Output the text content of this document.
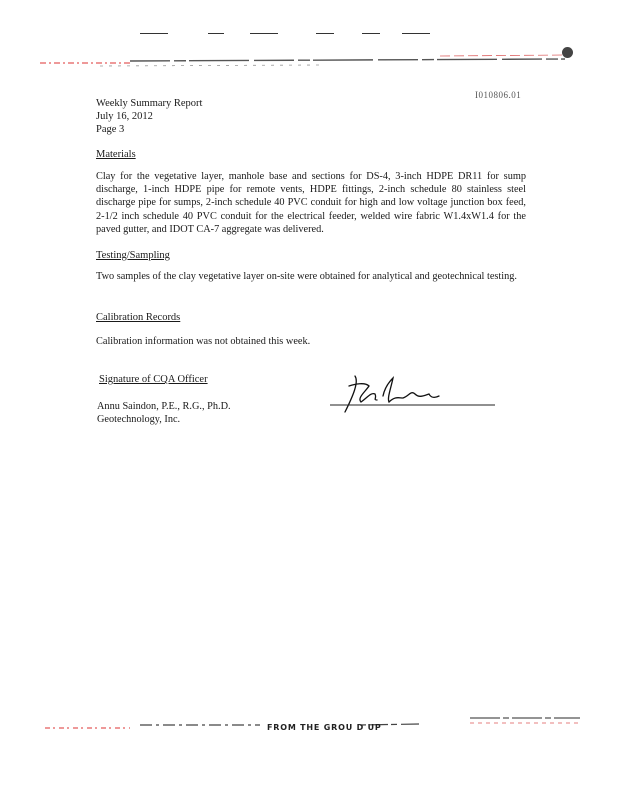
I010806.01
Weekly Summary Report
July 16, 2012
Page 3
Materials
Clay for the vegetative layer, manhole base and sections for DS-4, 3-inch HDPE DR11 for sump discharge, 1-inch HDPE pipe for remote vents, HDPE fittings, 2-inch schedule 80 stainless steel discharge pipe for sumps, 2-inch schedule 40 PVC conduit for high and low voltage junction box feed, 2-1/2 inch schedule 40 PVC conduit for the electrical feeder, welded wire fabric W1.4xW1.4 for the paved gutter, and IDOT CA-7 aggregate was delivered.
Testing/Sampling
Two samples of the clay vegetative layer on-site were obtained for analytical and geotechnical testing.
Calibration Records
Calibration information was not obtained this week.
Signature of CQA Officer
Annu Saindon, P.E., R.G., Ph.D.
Geotechnology, Inc.
FROM THE GROU D UP
